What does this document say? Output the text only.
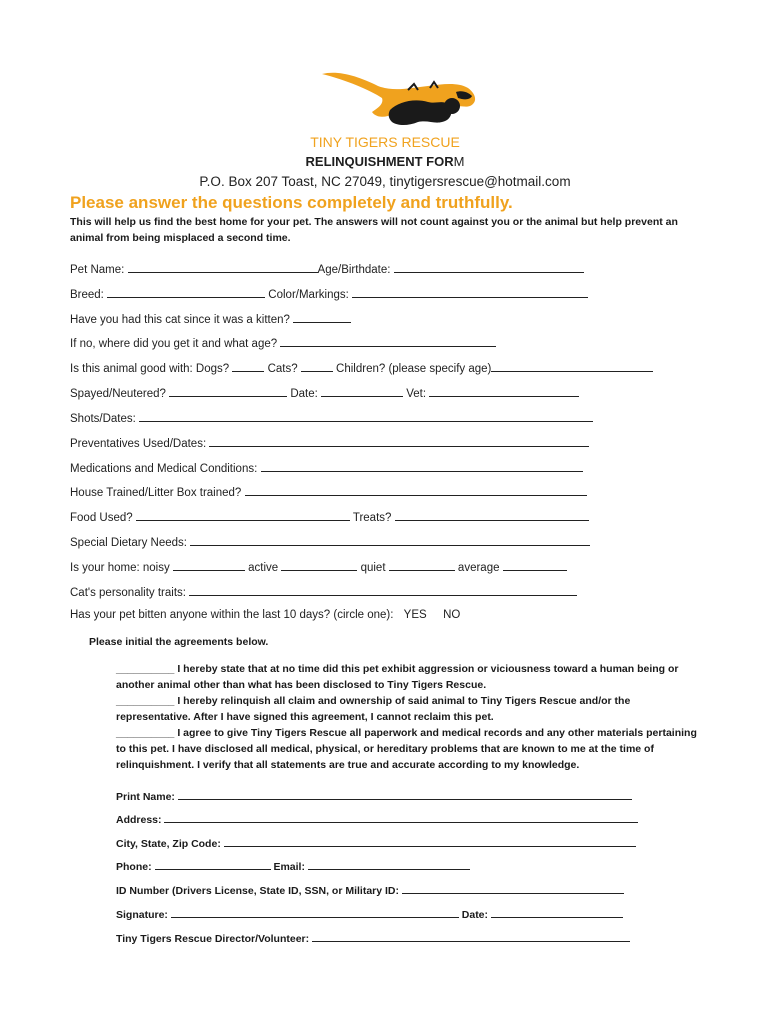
TINY TIGERS RESCUE
RELINQUISHMENT FORM
P.O. Box 207 Toast, NC 27049, tinytigersrescue@hotmail.com
Please answer the questions completely and truthfully.
This will help us find the best home for your pet. The answers will not count against you or the animal but help prevent an animal from being misplaced a second time.
Pet Name:	Age/Birthdate:
Breed:	Color/Markings:
Have you had this cat since it was a kitten?
If no, where did you get it and what age?
Is this animal good with: Dogs?	Cats?	Children? (please specify age)
Spayed/Neutered?	Date:	Vet:
Shots/Dates:
Preventatives Used/Dates:
Medications and Medical Conditions:
House Trained/Litter Box trained?
Food Used?	Treats?
Special Dietary Needs:
Is your home: noisy	active	quiet	average
Cat's personality traits:
Has your pet bitten anyone within the last 10 days? (circle one): YES NO
Please initial the agreements below.
__________ I hereby state that at no time did this pet exhibit aggression or viciousness toward a human being or another animal other than what has been disclosed to Tiny Tigers Rescue.
__________ I hereby relinquish all claim and ownership of said animal to Tiny Tigers Rescue and/or the representative. After I have signed this agreement, I cannot reclaim this pet.
__________ I agree to give Tiny Tigers Rescue all paperwork and medical records and any other materials pertaining to this pet. I have disclosed all medical, physical, or hereditary problems that are known to me at the time of relinquishment. I verify that all statements are true and accurate according to my knowledge.
Print Name:
Address:
City, State, Zip Code:
Phone:	Email:
ID Number (Drivers License, State ID, SSN, or Military ID:
Signature:	Date:
Tiny Tigers Rescue Director/Volunteer:
